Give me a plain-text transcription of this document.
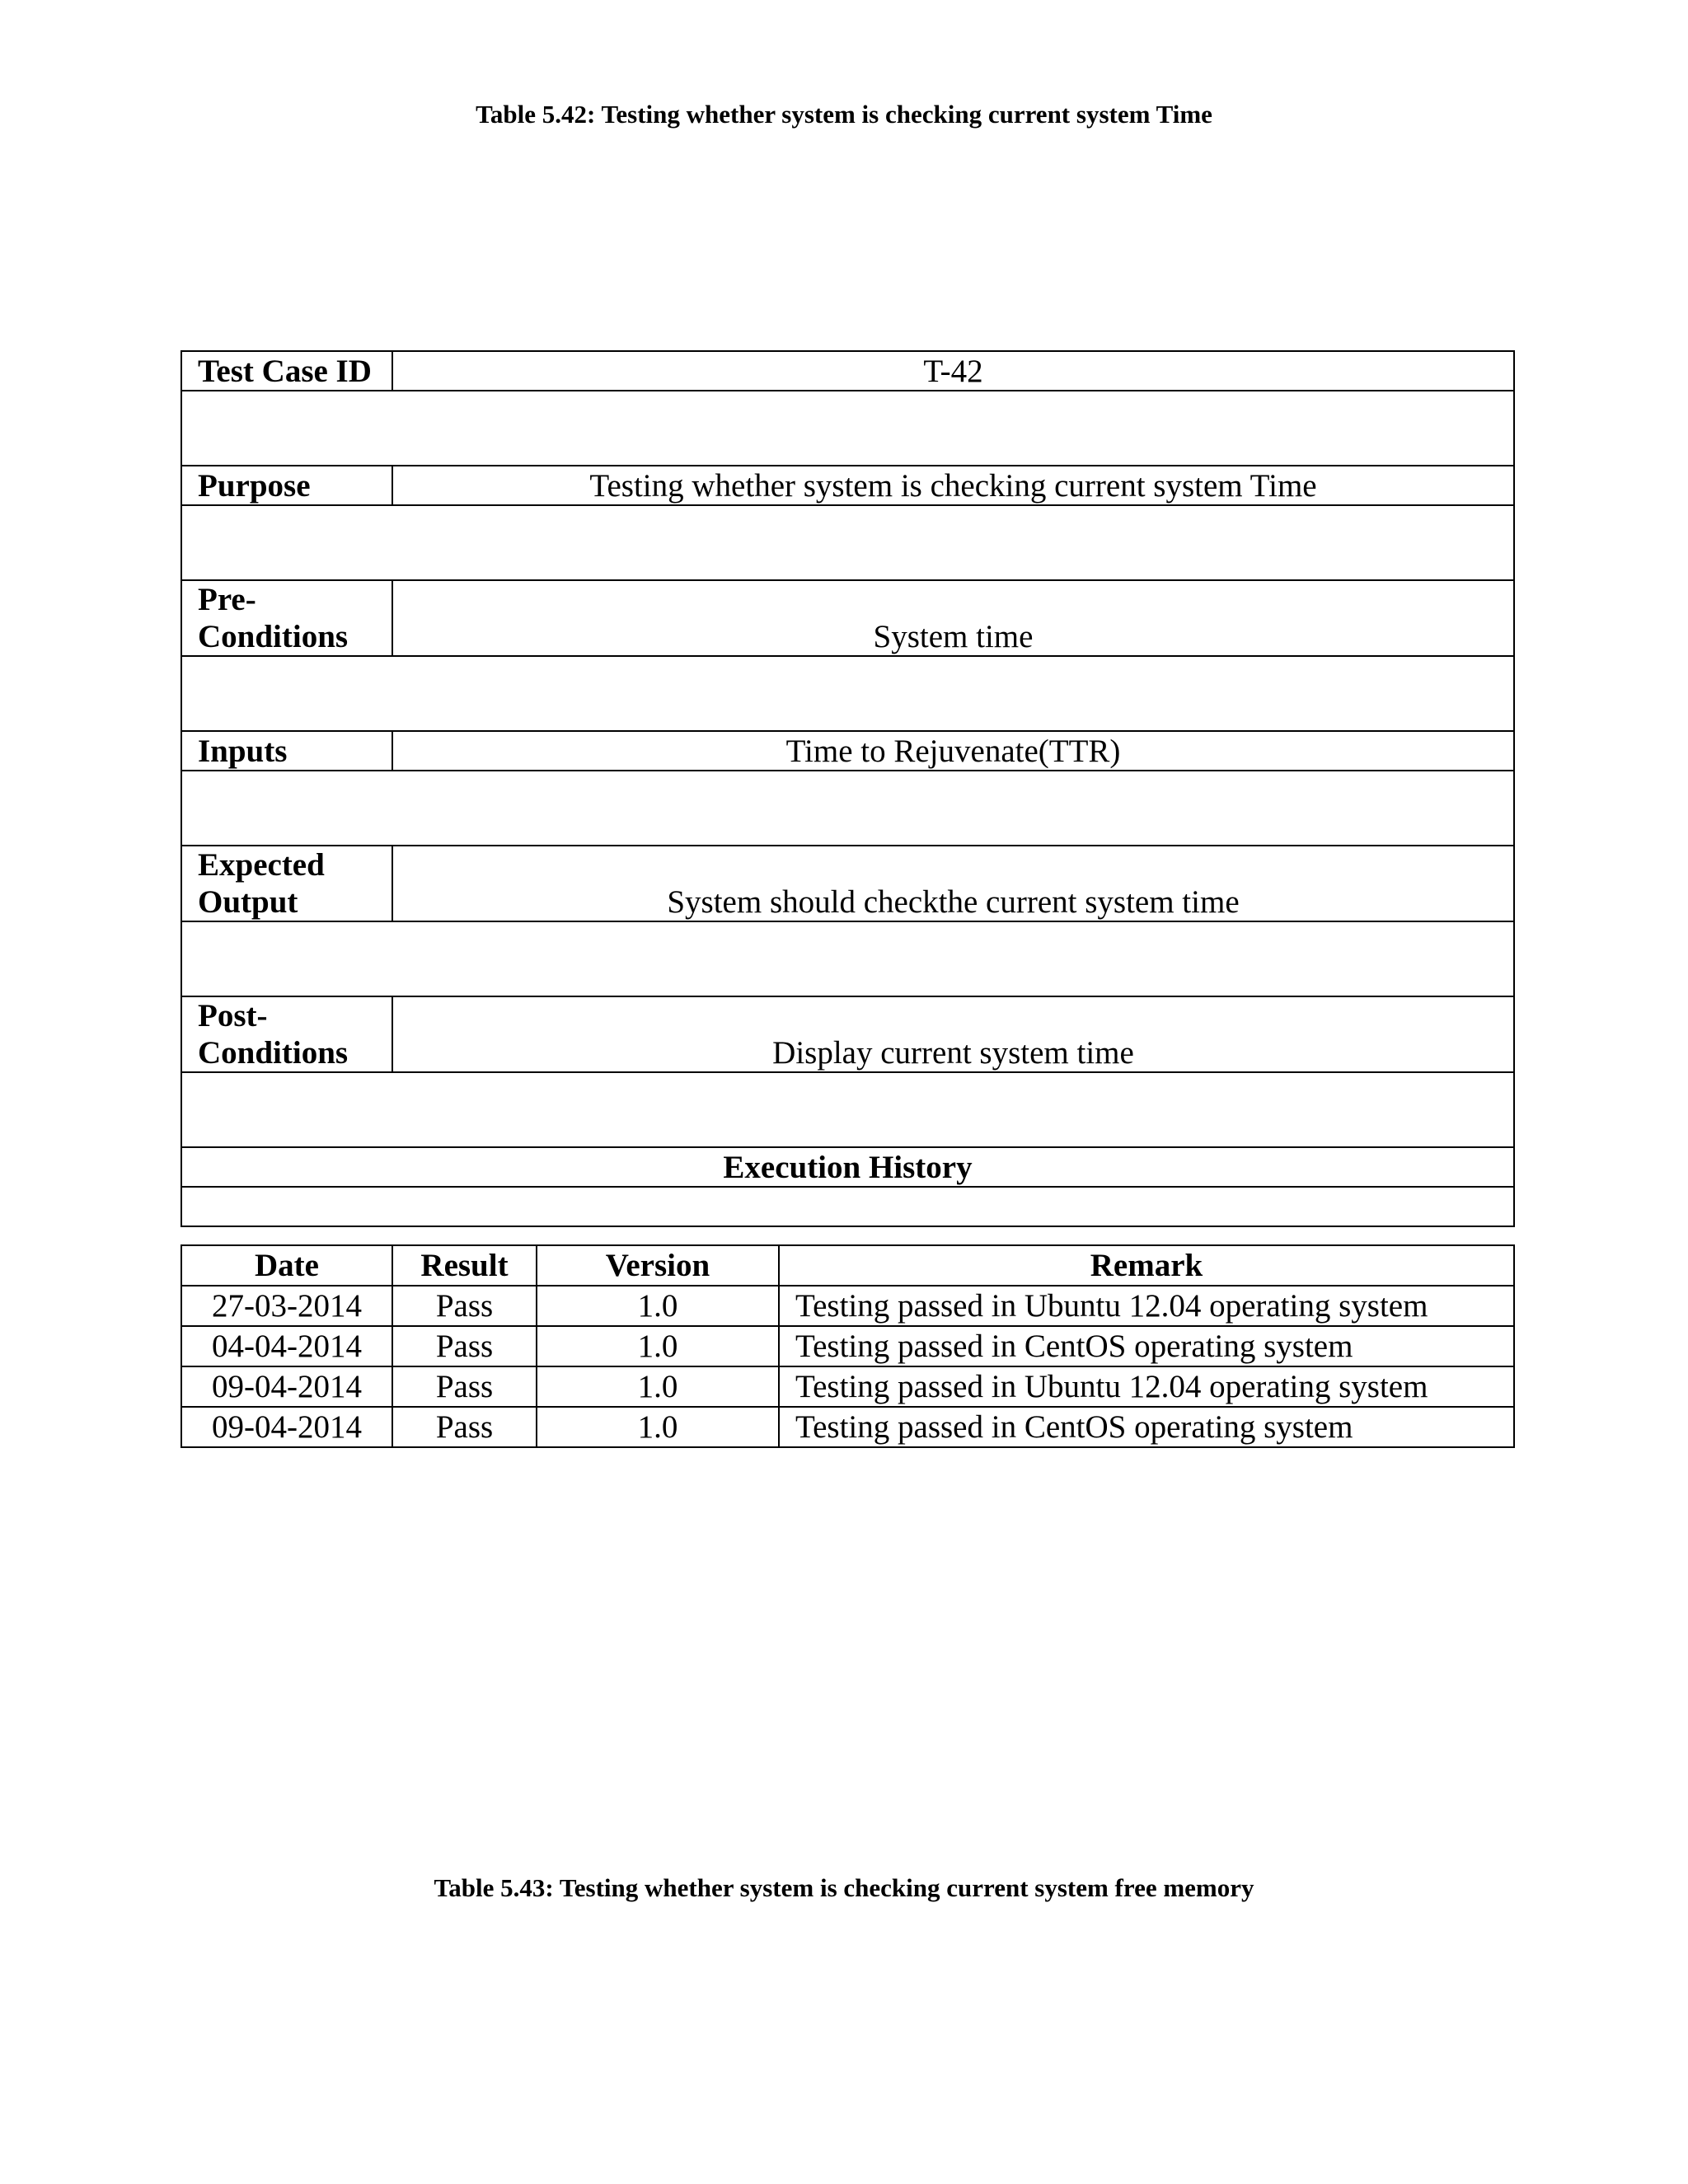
Table 5.42: Testing whether system is checking current system Time
Test Case ID	T-42

Purpose	Testing whether system is checking current system Time

Pre-
Conditions	System time

Inputs	Time to Rejuvenate(TTR)

Expected
Output	System should checkthe current system time

Post-
Conditions	Display current system time

Execution History	

Date	Result	Version	Remark
27-03-2014	Pass	1.0	Testing passed in Ubuntu 12.04 operating system
04-04-2014	Pass	1.0	Testing passed in CentOS operating system
09-04-2014	Pass	1.0	Testing passed in Ubuntu 12.04 operating system
09-04-2014	Pass	1.0	Testing passed in CentOS operating system
Table 5.43: Testing whether system is checking current system free memory
